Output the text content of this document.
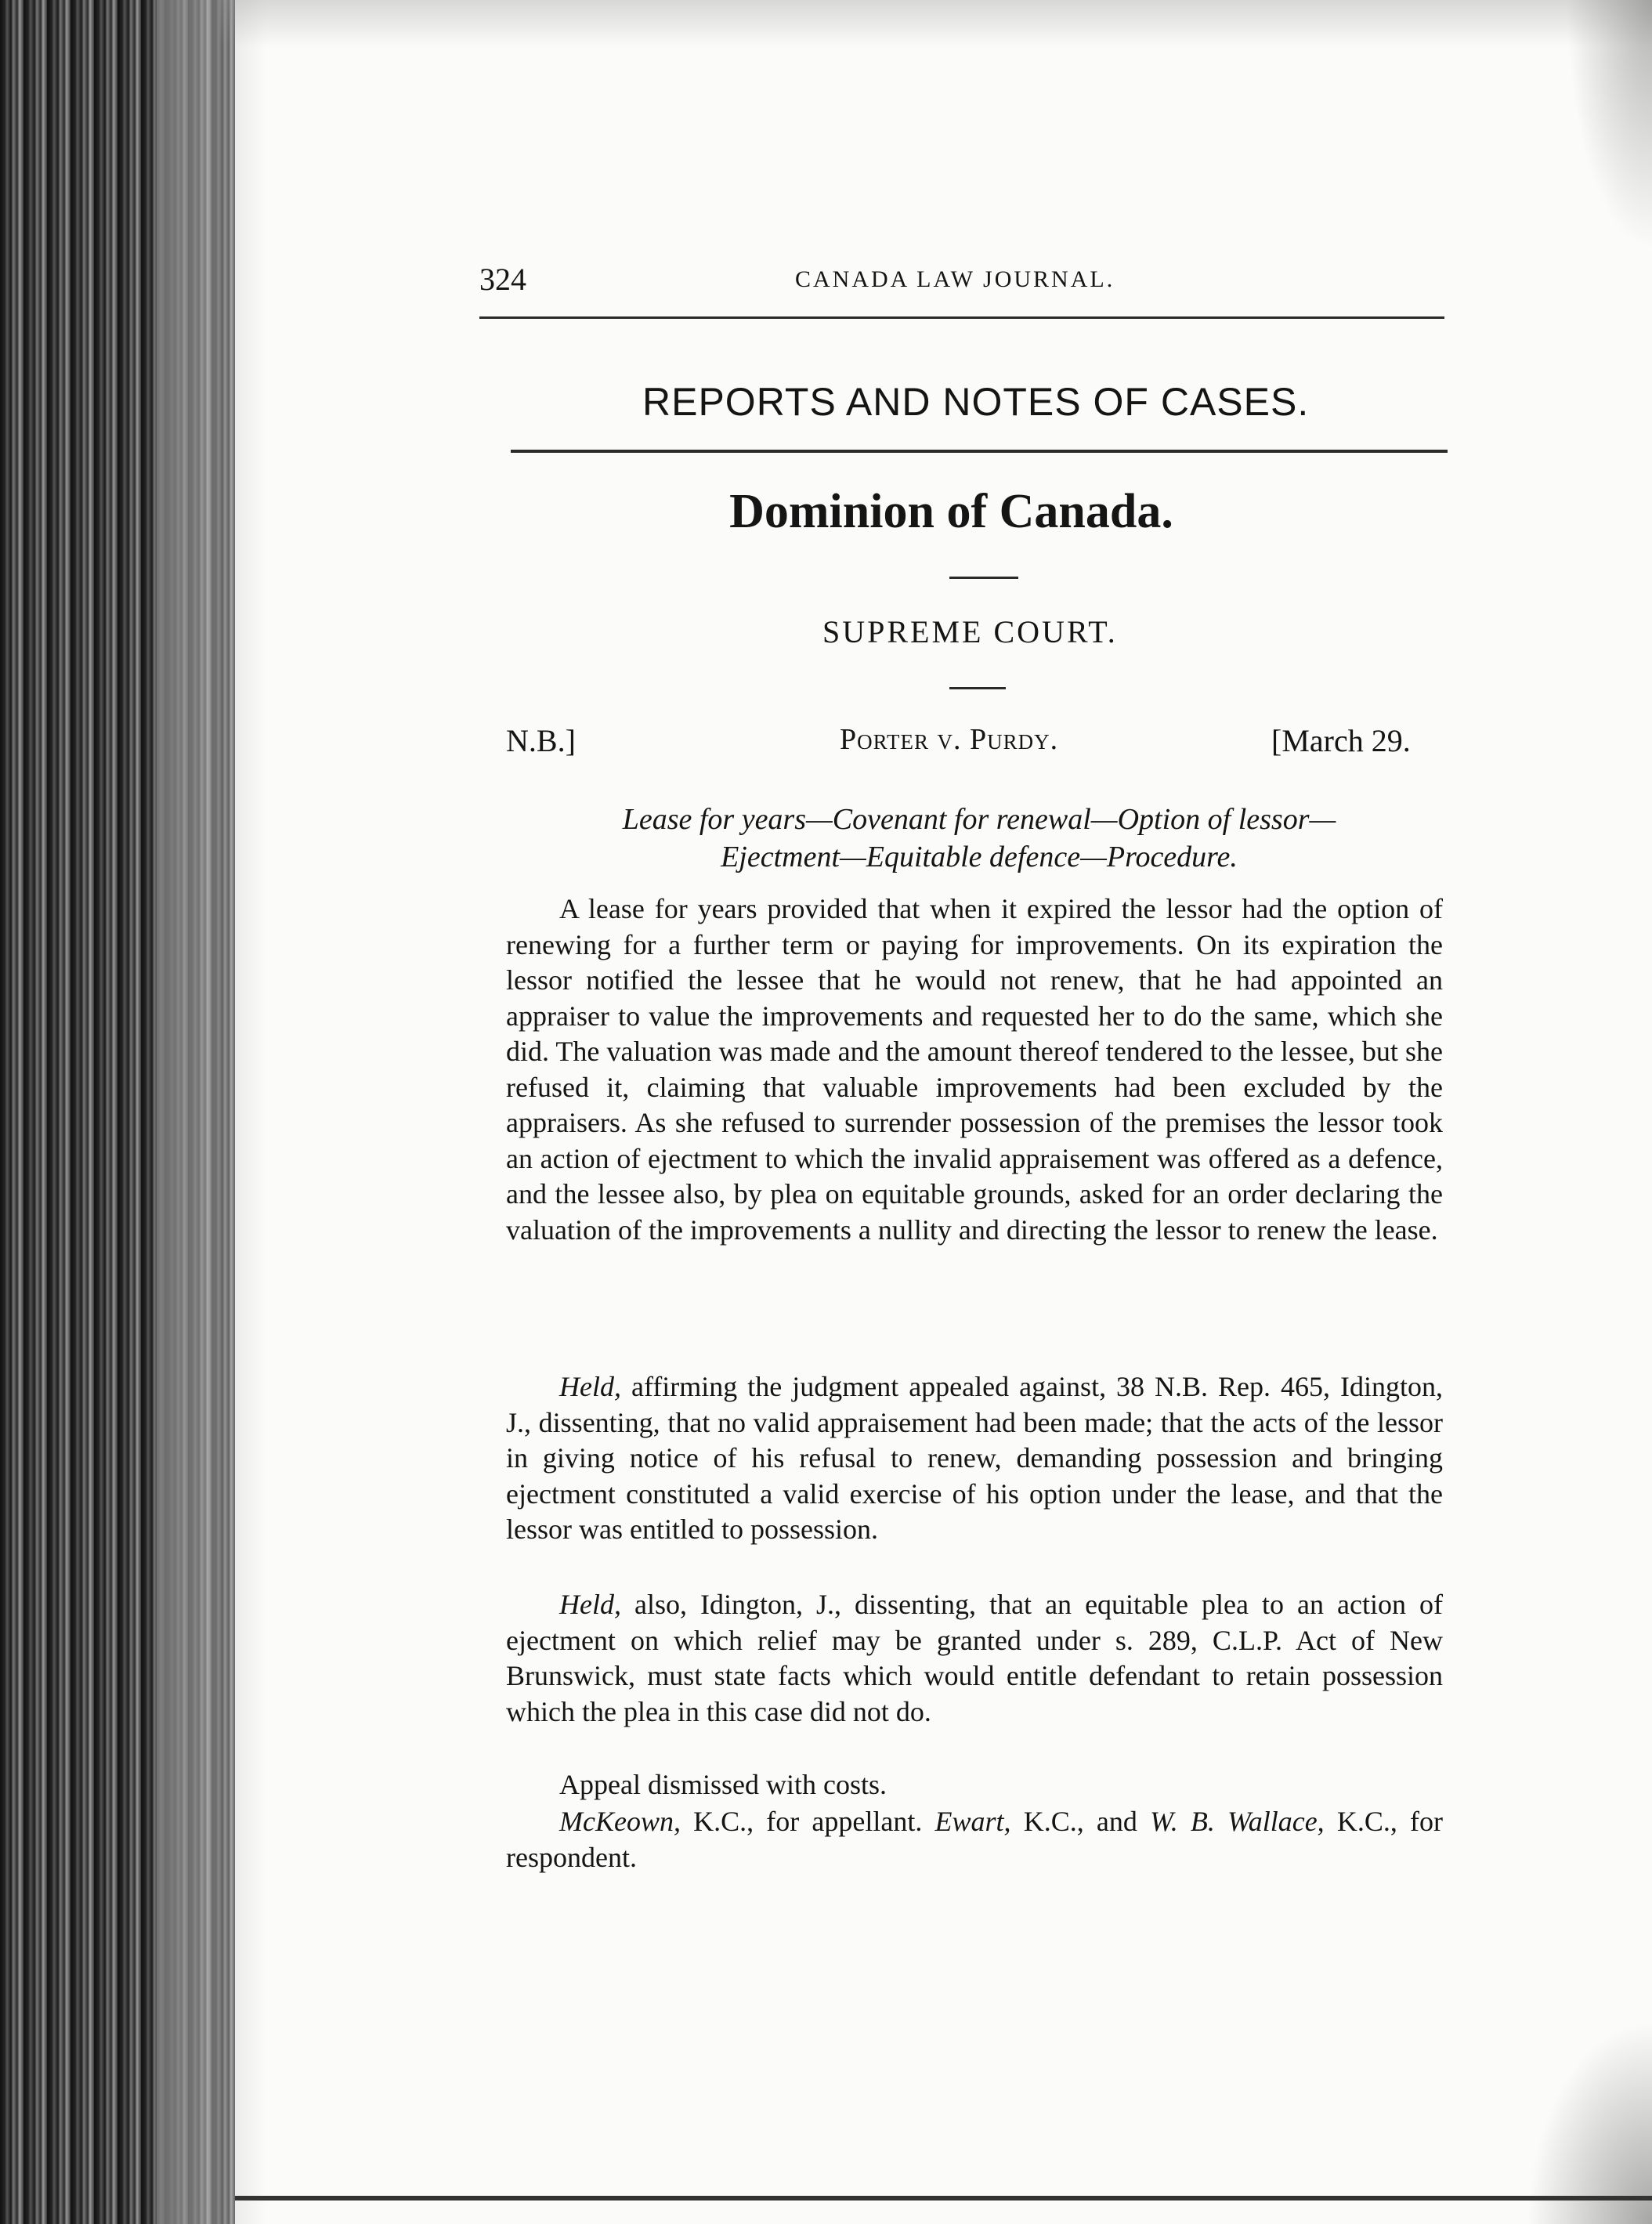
324	CANADA LAW JOURNAL.
REPORTS AND NOTES OF CASES.
Dominion of Canada.
SUPREME COURT.
N.B.]	Porter v. Purdy.	[March 29.
Lease for years—Covenant for renewal—Option of lessor—
Ejectment—Equitable defence—Procedure.
A lease for years provided that when it expired the lessor had the option of renewing for a further term or paying for improvements. On its expiration the lessor notified the lessee that he would not renew, that he had appointed an appraiser to value the improvements and requested her to do the same, which she did. The valuation was made and the amount thereof tendered to the lessee, but she refused it, claiming that valuable improvements had been excluded by the appraisers. As she refused to surrender possession of the premises the lessor took an action of ejectment to which the invalid appraisement was offered as a defence, and the lessee also, by plea on equitable grounds, asked for an order declaring the valuation of the improvements a nullity and directing the lessor to renew the lease.
Held, affirming the judgment appealed against, 38 N.B. Rep. 465, Idington, J., dissenting, that no valid appraisement had been made; that the acts of the lessor in giving notice of his refusal to renew, demanding possession and bringing ejectment constituted a valid exercise of his option under the lease, and that the lessor was entitled to possession.
Held, also, Idington, J., dissenting, that an equitable plea to an action of ejectment on which relief may be granted under s. 289, C.L.P. Act of New Brunswick, must state facts which would entitle defendant to retain possession which the plea in this case did not do.
Appeal dismissed with costs.
McKeown, K.C., for appellant. Ewart, K.C., and W. B. Wallace, K.C., for respondent.
